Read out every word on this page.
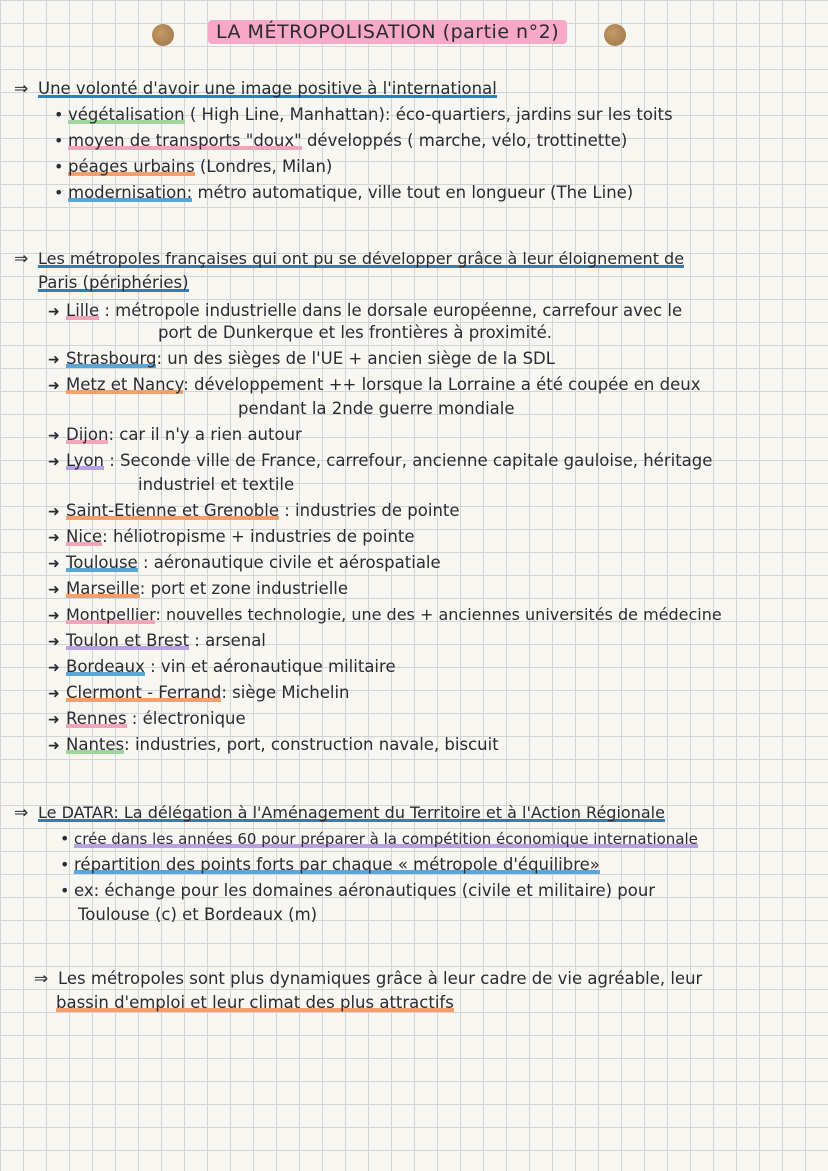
LA MÉTROPOLISATION (partie n°2)
⇒ Une volonté d'avoir une image positive à l'international
• végétalisation ( High Line, Manhattan): éco-quartiers, jardins sur les toits
• moyen de transports "doux" développés ( marche, vélo, trottinette)
• péages urbains (Londres, Milan)
• modernisation: métro automatique, ville tout en longueur (The Line)
⇒ Les métropoles françaises qui ont pu se développer grâce à leur éloignement de
Paris (périphéries)
➜ Lille : métropole industrielle dans le dorsale européenne, carrefour avec le
port de Dunkerque et les frontières à proximité.
➜ Strasbourg: un des sièges de l'UE + ancien siège de la SDL
➜ Metz et Nancy: développement ++ lorsque la Lorraine a été coupée en deux
pendant la 2nde guerre mondiale
➜ Dijon: car il n'y a rien autour
➜ Lyon : Seconde ville de France, carrefour, ancienne capitale gauloise, héritage
industriel et textile
➜ Saint-Etienne et Grenoble : industries de pointe
➜ Nice: héliotropisme + industries de pointe
➜ Toulouse : aéronautique civile et aérospatiale
➜ Marseille: port et zone industrielle
➜ Montpellier: nouvelles technologie, une des + anciennes universités de médecine
➜ Toulon et Brest : arsenal
➜ Bordeaux : vin et aéronautique militaire
➜ Clermont - Ferrand: siège Michelin
➜ Rennes : électronique
➜ Nantes: industries, port, construction navale, biscuit
⇒ Le DATAR: La délégation à l'Aménagement du Territoire et à l'Action Régionale
• crée dans les années 60 pour préparer à la compétition économique internationale
• répartition des points forts par chaque « métropole d'équilibre»
• ex: échange pour les domaines aéronautiques (civile et militaire) pour
Toulouse (c) et Bordeaux (m)
⇒ Les métropoles sont plus dynamiques grâce à leur cadre de vie agréable, leur
bassin d'emploi et leur climat des plus attractifs
